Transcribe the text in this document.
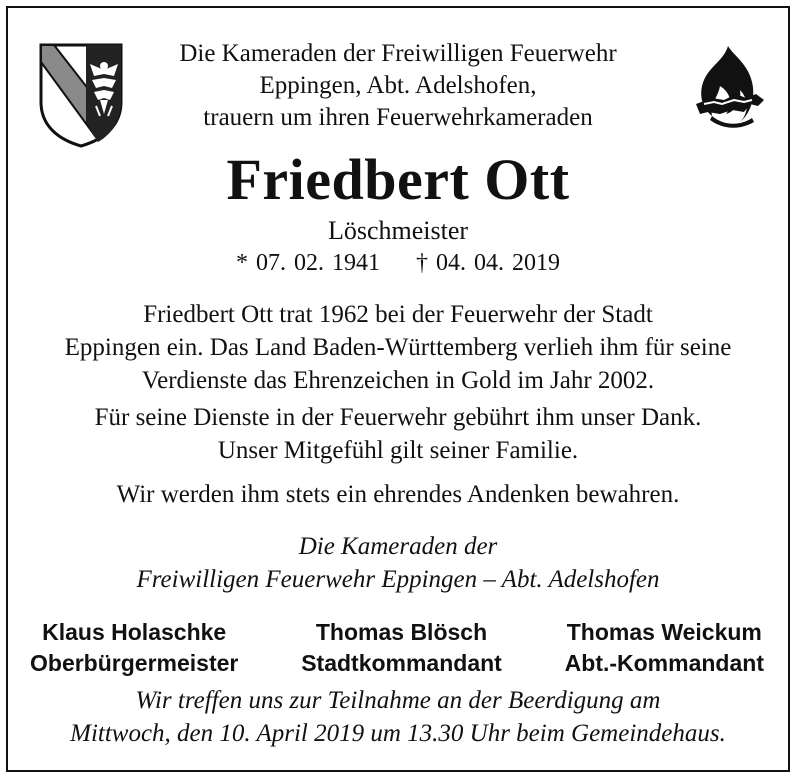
Die Kameraden der Freiwilligen Feuerwehr
Eppingen, Abt. Adelshofen,
trauern um ihren Feuerwehrkameraden
Friedbert Ott
Löschmeister
* 07. 02. 1941 † 04. 04. 2019
Friedbert Ott trat 1962 bei der Feuerwehr der Stadt
Eppingen ein. Das Land Baden-Württemberg verlieh ihm für seine
Verdienste das Ehrenzeichen in Gold im Jahr 2002.
Für seine Dienste in der Feuerwehr gebührt ihm unser Dank.
Unser Mitgefühl gilt seiner Familie.
Wir werden ihm stets ein ehrendes Andenken bewahren.
Die Kameraden der
Freiwilligen Feuerwehr Eppingen – Abt. Adelshofen
Klaus Holaschke
Oberbürgermeister
Thomas Blösch
Stadtkommandant
Thomas Weickum
Abt.-Kommandant
Wir treffen uns zur Teilnahme an der Beerdigung am
Mittwoch, den 10. April 2019 um 13.30 Uhr beim Gemeindehaus.
